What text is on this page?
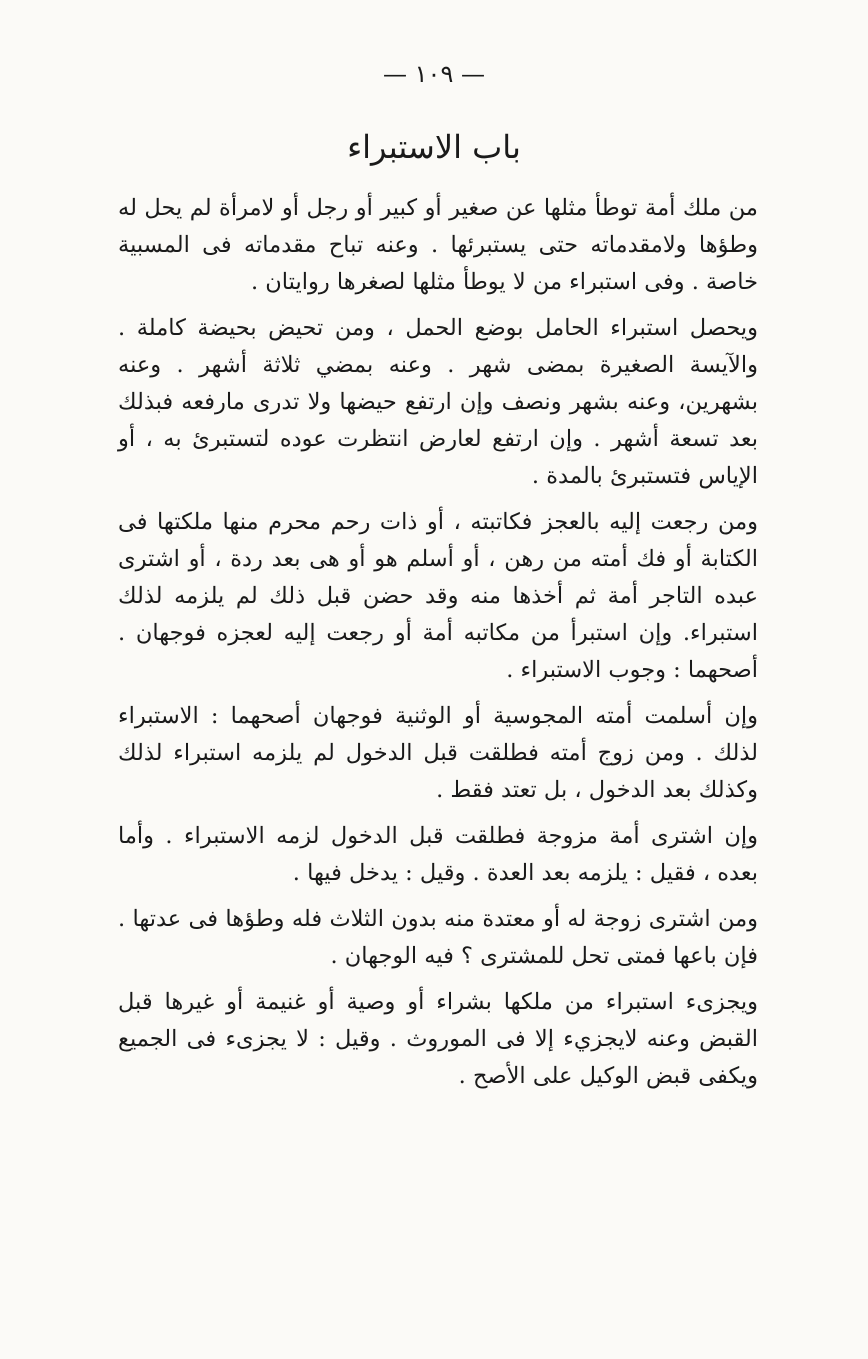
— ١٠٩ —
باب الاستبراء

من ملك أمة توطأ مثلها عن صغير أو كبير أو رجل أو لامرأة لم يحل له وطؤها ولامقدماته حتى يستبرئها . وعنه تباح مقدماته فى المسبية خاصة . وفى استبراء من لا يوطأ مثلها لصغرها روايتان .

ويحصل استبراء الحامل بوضع الحمل ، ومن تحيض بحيضة كاملة . والآيسة الصغيرة بمضى شهر . وعنه بمضي ثلاثة أشهر . وعنه بشهرين، وعنه بشهر ونصف وإن ارتفع حيضها ولا تدرى مارفعه فبذلك بعد تسعة أشهر . وإن ارتفع لعارض انتظرت عوده لتستبرئ به ، أو الإياس فتستبرئ بالمدة .

ومن رجعت إليه بالعجز فكاتبته ، أو ذات رحم محرم منها ملكتها فى الكتابة أو فك أمته من رهن ، أو أسلم هو أو هى بعد ردة ، أو اشترى عبده التاجر أمة ثم أخذها منه وقد حضن قبل ذلك لم يلزمه لذلك استبراء. وإن استبرأ من مكاتبه أمة أو رجعت إليه لعجزه فوجهان . أصحهما : وجوب الاستبراء .

وإن أسلمت أمته المجوسية أو الوثنية فوجهان أصحهما : الاستبراء لذلك . ومن زوج أمته فطلقت قبل الدخول لم يلزمه استبراء لذلك وكذلك بعد الدخول ، بل تعتد فقط .

وإن اشترى أمة مزوجة فطلقت قبل الدخول لزمه الاستبراء . وأما بعده ، فقيل : يلزمه بعد العدة . وقيل : يدخل فيها .

ومن اشترى زوجة له أو معتدة منه بدون الثلاث فله وطؤها فى عدتها . فإن باعها فمتى تحل للمشترى ؟ فيه الوجهان .

ويجزىء استبراء من ملكها بشراء أو وصية أو غنيمة أو غيرها قبل القبض وعنه لايجزيء إلا فى الموروث . وقيل : لا يجزىء فى الجميع ويكفى قبض الوكيل على الأصح .
